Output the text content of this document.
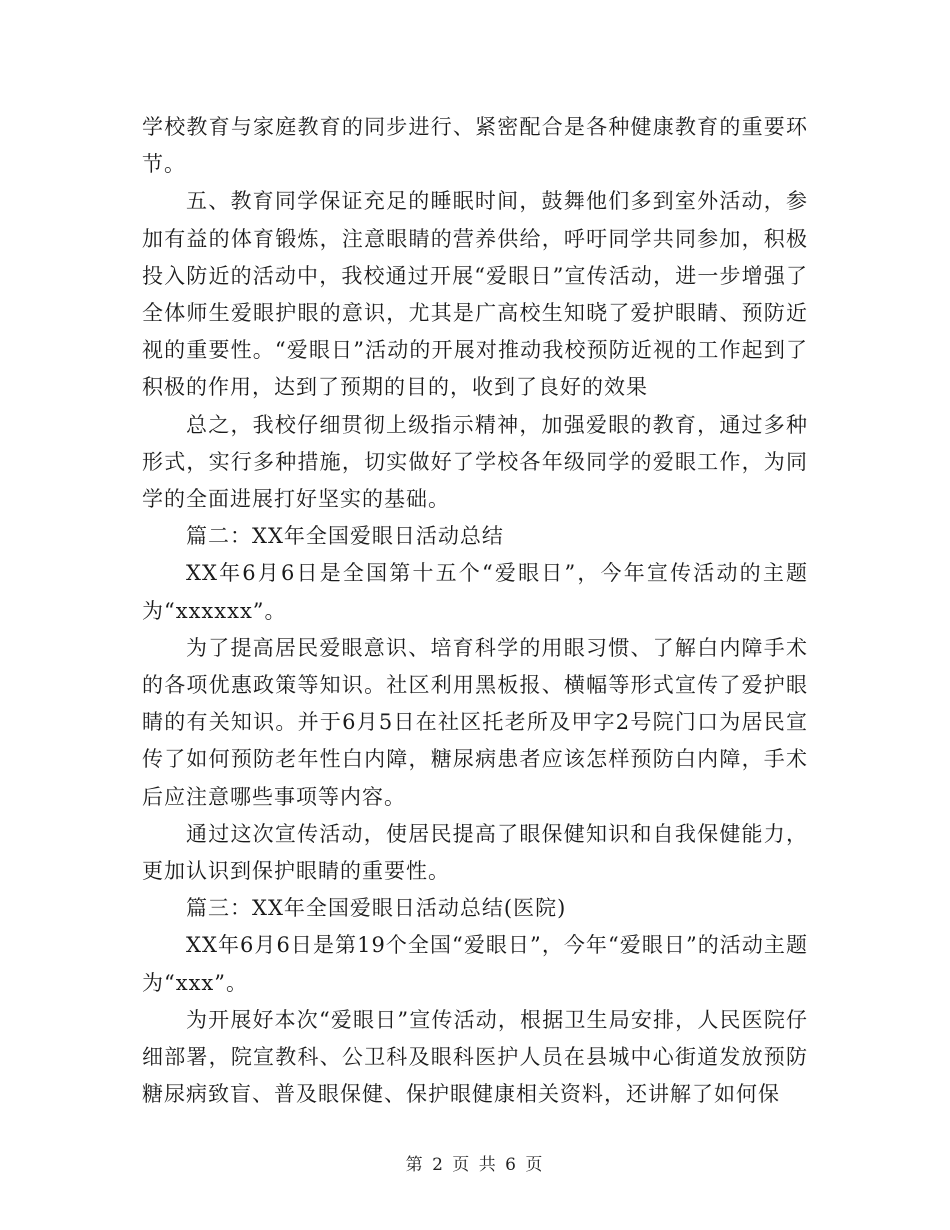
学校教育与家庭教育的同步进行、紧密配合是各种健康教育的重要环节。

五、教育同学保证充足的睡眠时间，鼓舞他们多到室外活动，参加有益的体育锻炼，注意眼睛的营养供给，呼吁同学共同参加，积极投入防近的活动中，我校通过开展“爱眼日”宣传活动，进一步增强了全体师生爱眼护眼的意识，尤其是广高校生知晓了爱护眼睛、预防近视的重要性。“爱眼日”活动的开展对推动我校预防近视的工作起到了积极的作用，达到了预期的目的，收到了良好的效果

总之，我校仔细贯彻上级指示精神，加强爱眼的教育，通过多种形式，实行多种措施，切实做好了学校各年级同学的爱眼工作，为同学的全面进展打好坚实的基础。

篇二：XX年全国爱眼日活动总结

XX年6月6日是全国第十五个“爱眼日”，今年宣传活动的主题为“xxxxxx”。

为了提高居民爱眼意识、培育科学的用眼习惯、了解白内障手术的各项优惠政策等知识。社区利用黑板报、横幅等形式宣传了爱护眼睛的有关知识。并于6月5日在社区托老所及甲字2号院门口为居民宣传了如何预防老年性白内障，糖尿病患者应该怎样预防白内障，手术后应注意哪些事项等内容。

通过这次宣传活动，使居民提高了眼保健知识和自我保健能力，更加认识到保护眼睛的重要性。

篇三：XX年全国爱眼日活动总结(医院)

XX年6月6日是第19个全国“爱眼日”，今年“爱眼日”的活动主题为“xxx”。

为开展好本次“爱眼日”宣传活动，根据卫生局安排，人民医院仔细部署，院宣教科、公卫科及眼科医护人员在县城中心街道发放预防糖尿病致盲、普及眼保健、保护眼健康相关资料，还讲解了如何保

第 2 页 共 6 页
